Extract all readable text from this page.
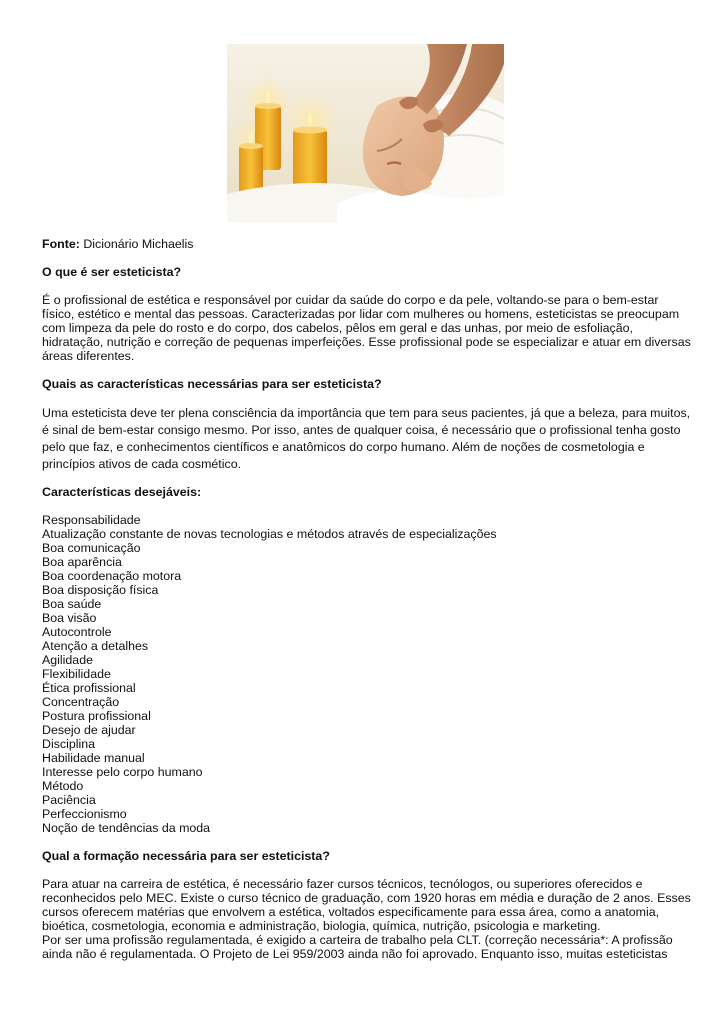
Fonte: Dicionário Michaelis

O que é ser esteticista?

É o profissional de estética e responsável por cuidar da saúde do corpo e da pele, voltando-se para o bem-estar físico, estético e mental das pessoas. Caracterizadas por lidar com mulheres ou homens, esteticistas se preocupam com limpeza da pele do rosto e do corpo, dos cabelos, pêlos em geral e das unhas, por meio de esfoliação, hidratação, nutrição e correção de pequenas imperfeições. Esse profissional pode se especializar e atuar em diversas áreas diferentes.

Quais as características necessárias para ser esteticista?

Uma esteticista deve ter plena consciência da importância que tem para seus pacientes, já que a beleza, para muitos, é sinal de bem-estar consigo mesmo. Por isso, antes de qualquer coisa, é necessário que o profissional tenha gosto pelo que faz, e conhecimentos científicos e anatômicos do corpo humano. Além de noções de cosmetologia e princípios ativos de cada cosmético.

Características desejáveis:

Responsabilidade
Atualização constante de novas tecnologias e métodos através de especializações
Boa comunicação
Boa aparência
Boa coordenação motora
Boa disposição física
Boa saúde
Boa visão
Autocontrole
Atenção a detalhes
Agilidade
Flexibilidade
Ética profissional
Concentração
Postura profissional
Desejo de ajudar
Disciplina
Habilidade manual
Interesse pelo corpo humano
Método
Paciência
Perfeccionismo
Noção de tendências da moda

Qual a formação necessária para ser esteticista?

Para atuar na carreira de estética, é necessário fazer cursos técnicos, tecnólogos, ou superiores oferecidos e reconhecidos pelo MEC. Existe o curso técnico de graduação, com 1920 horas em média e duração de 2 anos. Esses cursos oferecem matérias que envolvem a estética, voltados especificamente para essa área, como a anatomia, bioética, cosmetologia, economia e administração, biologia, química, nutrição, psicologia e marketing.

Por ser uma profissão regulamentada, é exigido a carteira de trabalho pela CLT. (correção necessária*: A profissão ainda não é regulamentada. O Projeto de Lei 959/2003 ainda não foi aprovado. Enquanto isso, muitas esteticistas
